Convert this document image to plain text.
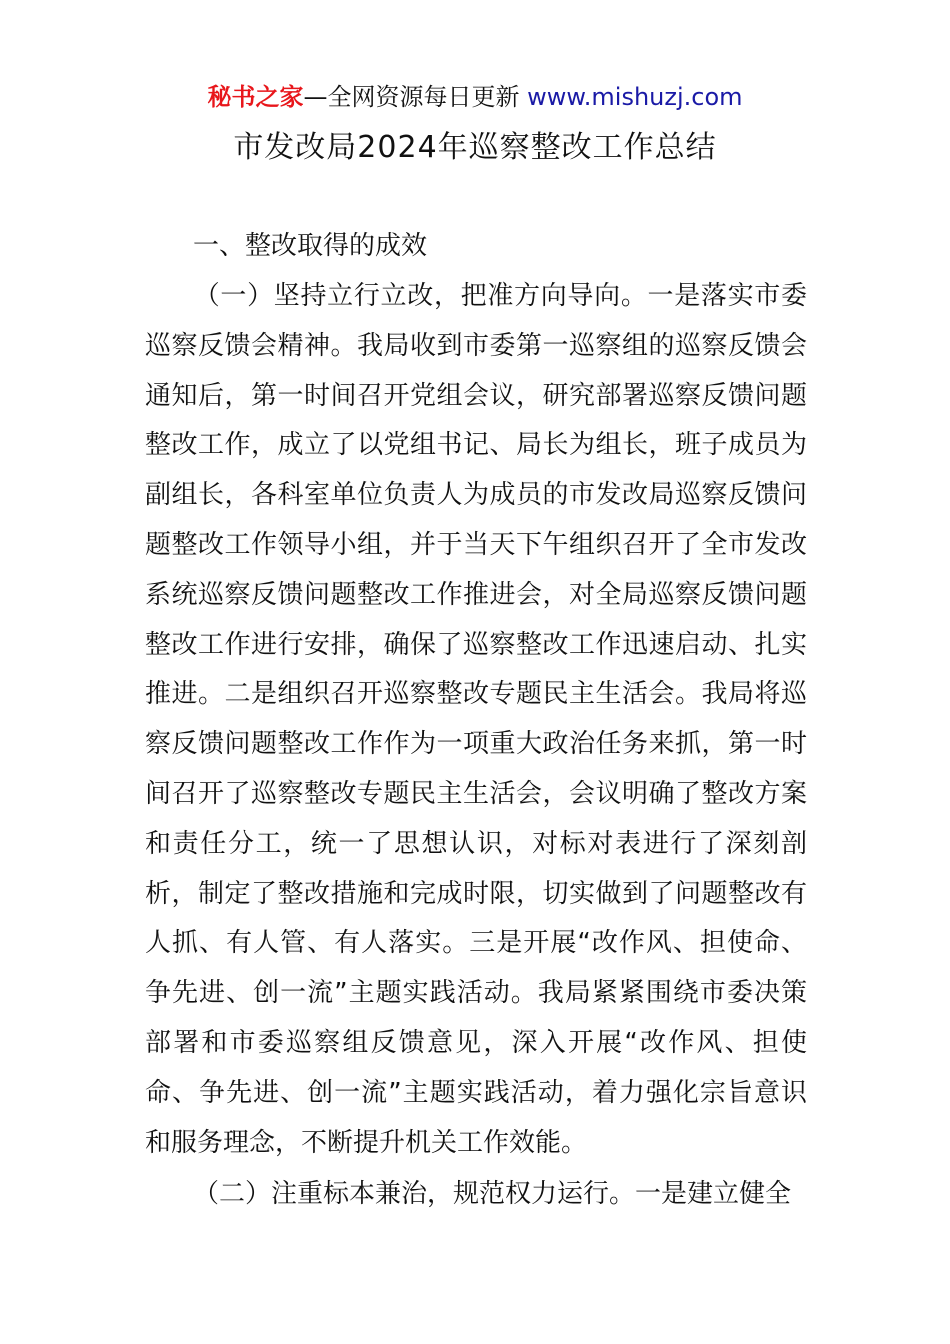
秘书之家—全网资源每日更新 www.mishuzj.com
市发改局2024年巡察整改工作总结
一、整改取得的成效

（一）坚持立行立改，把准方向导向。一是落实市委巡察反馈会精神。我局收到市委第一巡察组的巡察反馈会通知后，第一时间召开党组会议，研究部署巡察反馈问题整改工作，成立了以党组书记、局长为组长，班子成员为副组长，各科室单位负责人为成员的市发改局巡察反馈问题整改工作领导小组，并于当天下午组织召开了全市发改系统巡察反馈问题整改工作推进会，对全局巡察反馈问题整改工作进行安排，确保了巡察整改工作迅速启动、扎实推进。二是组织召开巡察整改专题民主生活会。我局将巡察反馈问题整改工作作为一项重大政治任务来抓，第一时间召开了巡察整改专题民主生活会，会议明确了整改方案和责任分工，统一了思想认识，对标对表进行了深刻剖析，制定了整改措施和完成时限，切实做到了问题整改有人抓、有人管、有人落实。三是开展“改作风、担使命、争先进、创一流”主题实践活动。我局紧紧围绕市委决策部署和市委巡察组反馈意见，深入开展“改作风、担使命、争先进、创一流”主题实践活动，着力强化宗旨意识和服务理念，不断提升机关工作效能。

（二）注重标本兼治，规范权力运行。一是建立健全
